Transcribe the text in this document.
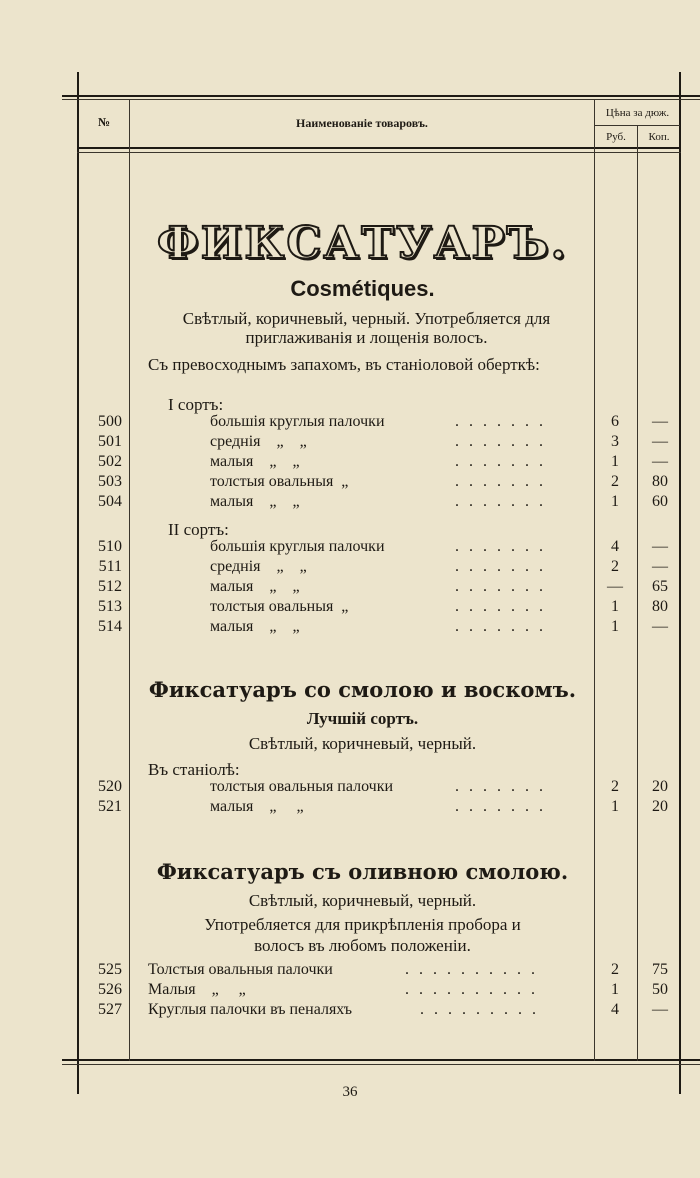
№	Наименованіе товаровъ.
Цѣна за дюж.
Руб.	Коп.
ФИКСАТУАРЪ.
Cosmétiques.
Свѣтлый, коричневый, черный. Употребляется для приглаживанія и лощенія волосъ.
Съ превосходнымъ запахомъ, въ станіоловой оберткѣ:
I сортъ:
500	большія круглыя палочки	. . . . . . .	6	—
501	среднія    „    „	. . . . . . .	3	—
502	малыя    „    „	. . . . . . .	1	—
503	толстыя овальныя  „	. . . . . . .	2	80
504	малыя    „    „	. . . . . . .	1	60
510	большія круглыя палочки	. . . . . . .	4	—
511	среднія    „    „	. . . . . . .	2	—
512	малыя    „    „	. . . . . . .	—	65
513	толстыя овальныя  „	. . . . . . .	1	80
514	малыя    „    „	. . . . . . .	1	—
520	толстыя овальныя палочки	. . . . . . .	2	20
521	малыя    „     „	. . . . . . .	1	20
525 Толстыя овальныя палочки	. . . . . . . . . .	2	75
526 Малыя    „     „	. . . . . . . . . .	1	50
527 Круглыя палочки въ пеналяхъ	. . . . . . . . .	4	—
II сортъ:
Фиксатуаръ со смолою и воскомъ.
Лучшій сортъ.
Свѣтлый, коричневый, черный.
Въ станіолѣ:
Фиксатуаръ съ оливною смолою.
Свѣтлый, коричневый, черный.
Употребляется для прикрѣпленія пробора и
волосъ въ любомъ положеніи.
36
